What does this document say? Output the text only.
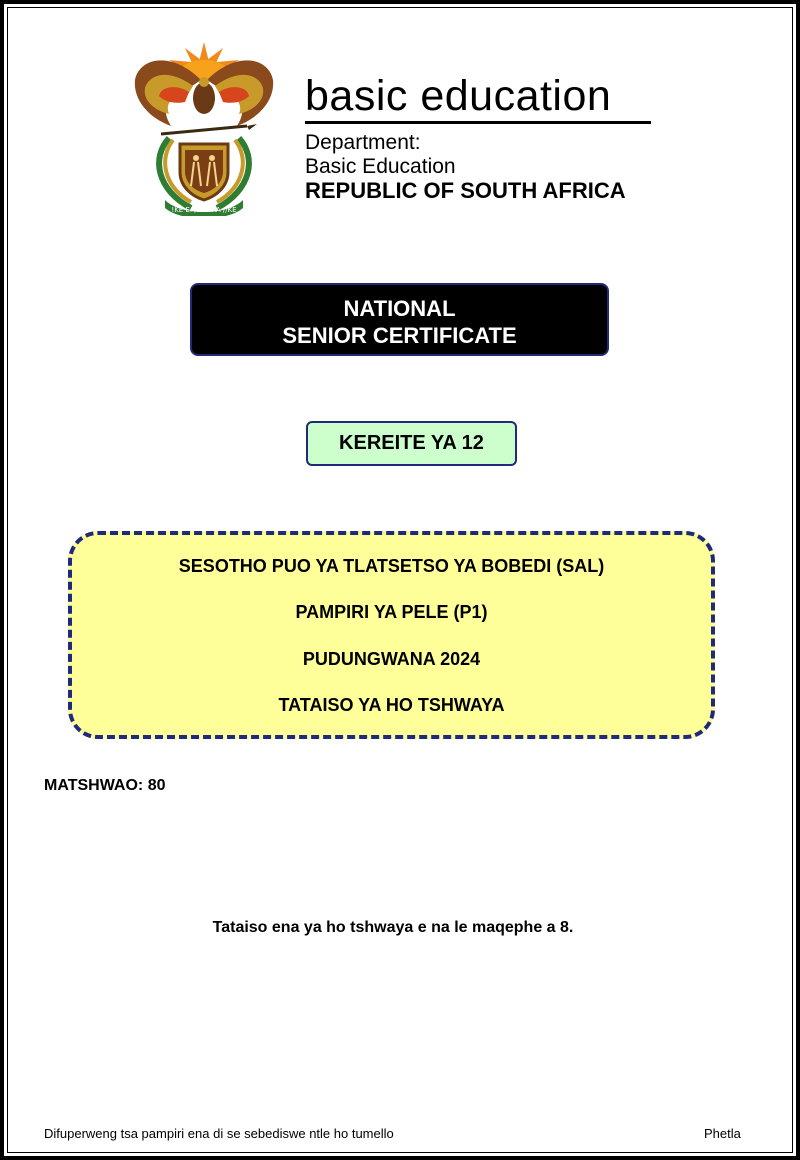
!KE E: /XARRA //KE
basic education
Department:
Basic Education
REPUBLIC OF SOUTH AFRICA
NATIONAL
SENIOR CERTIFICATE
KEREITE YA 12
SESOTHO PUO YA TLATSETSO YA BOBEDI (SAL)
PAMPIRI YA PELE (P1)
PUDUNGWANA 2024
TATAISO YA HO TSHWAYA
MATSHWAO: 80
Tataiso ena ya ho tshwaya e na le maqephe a 8.
Difuperweng tsa pampiri ena di se sebediswe ntle ho tumello	Phetla
